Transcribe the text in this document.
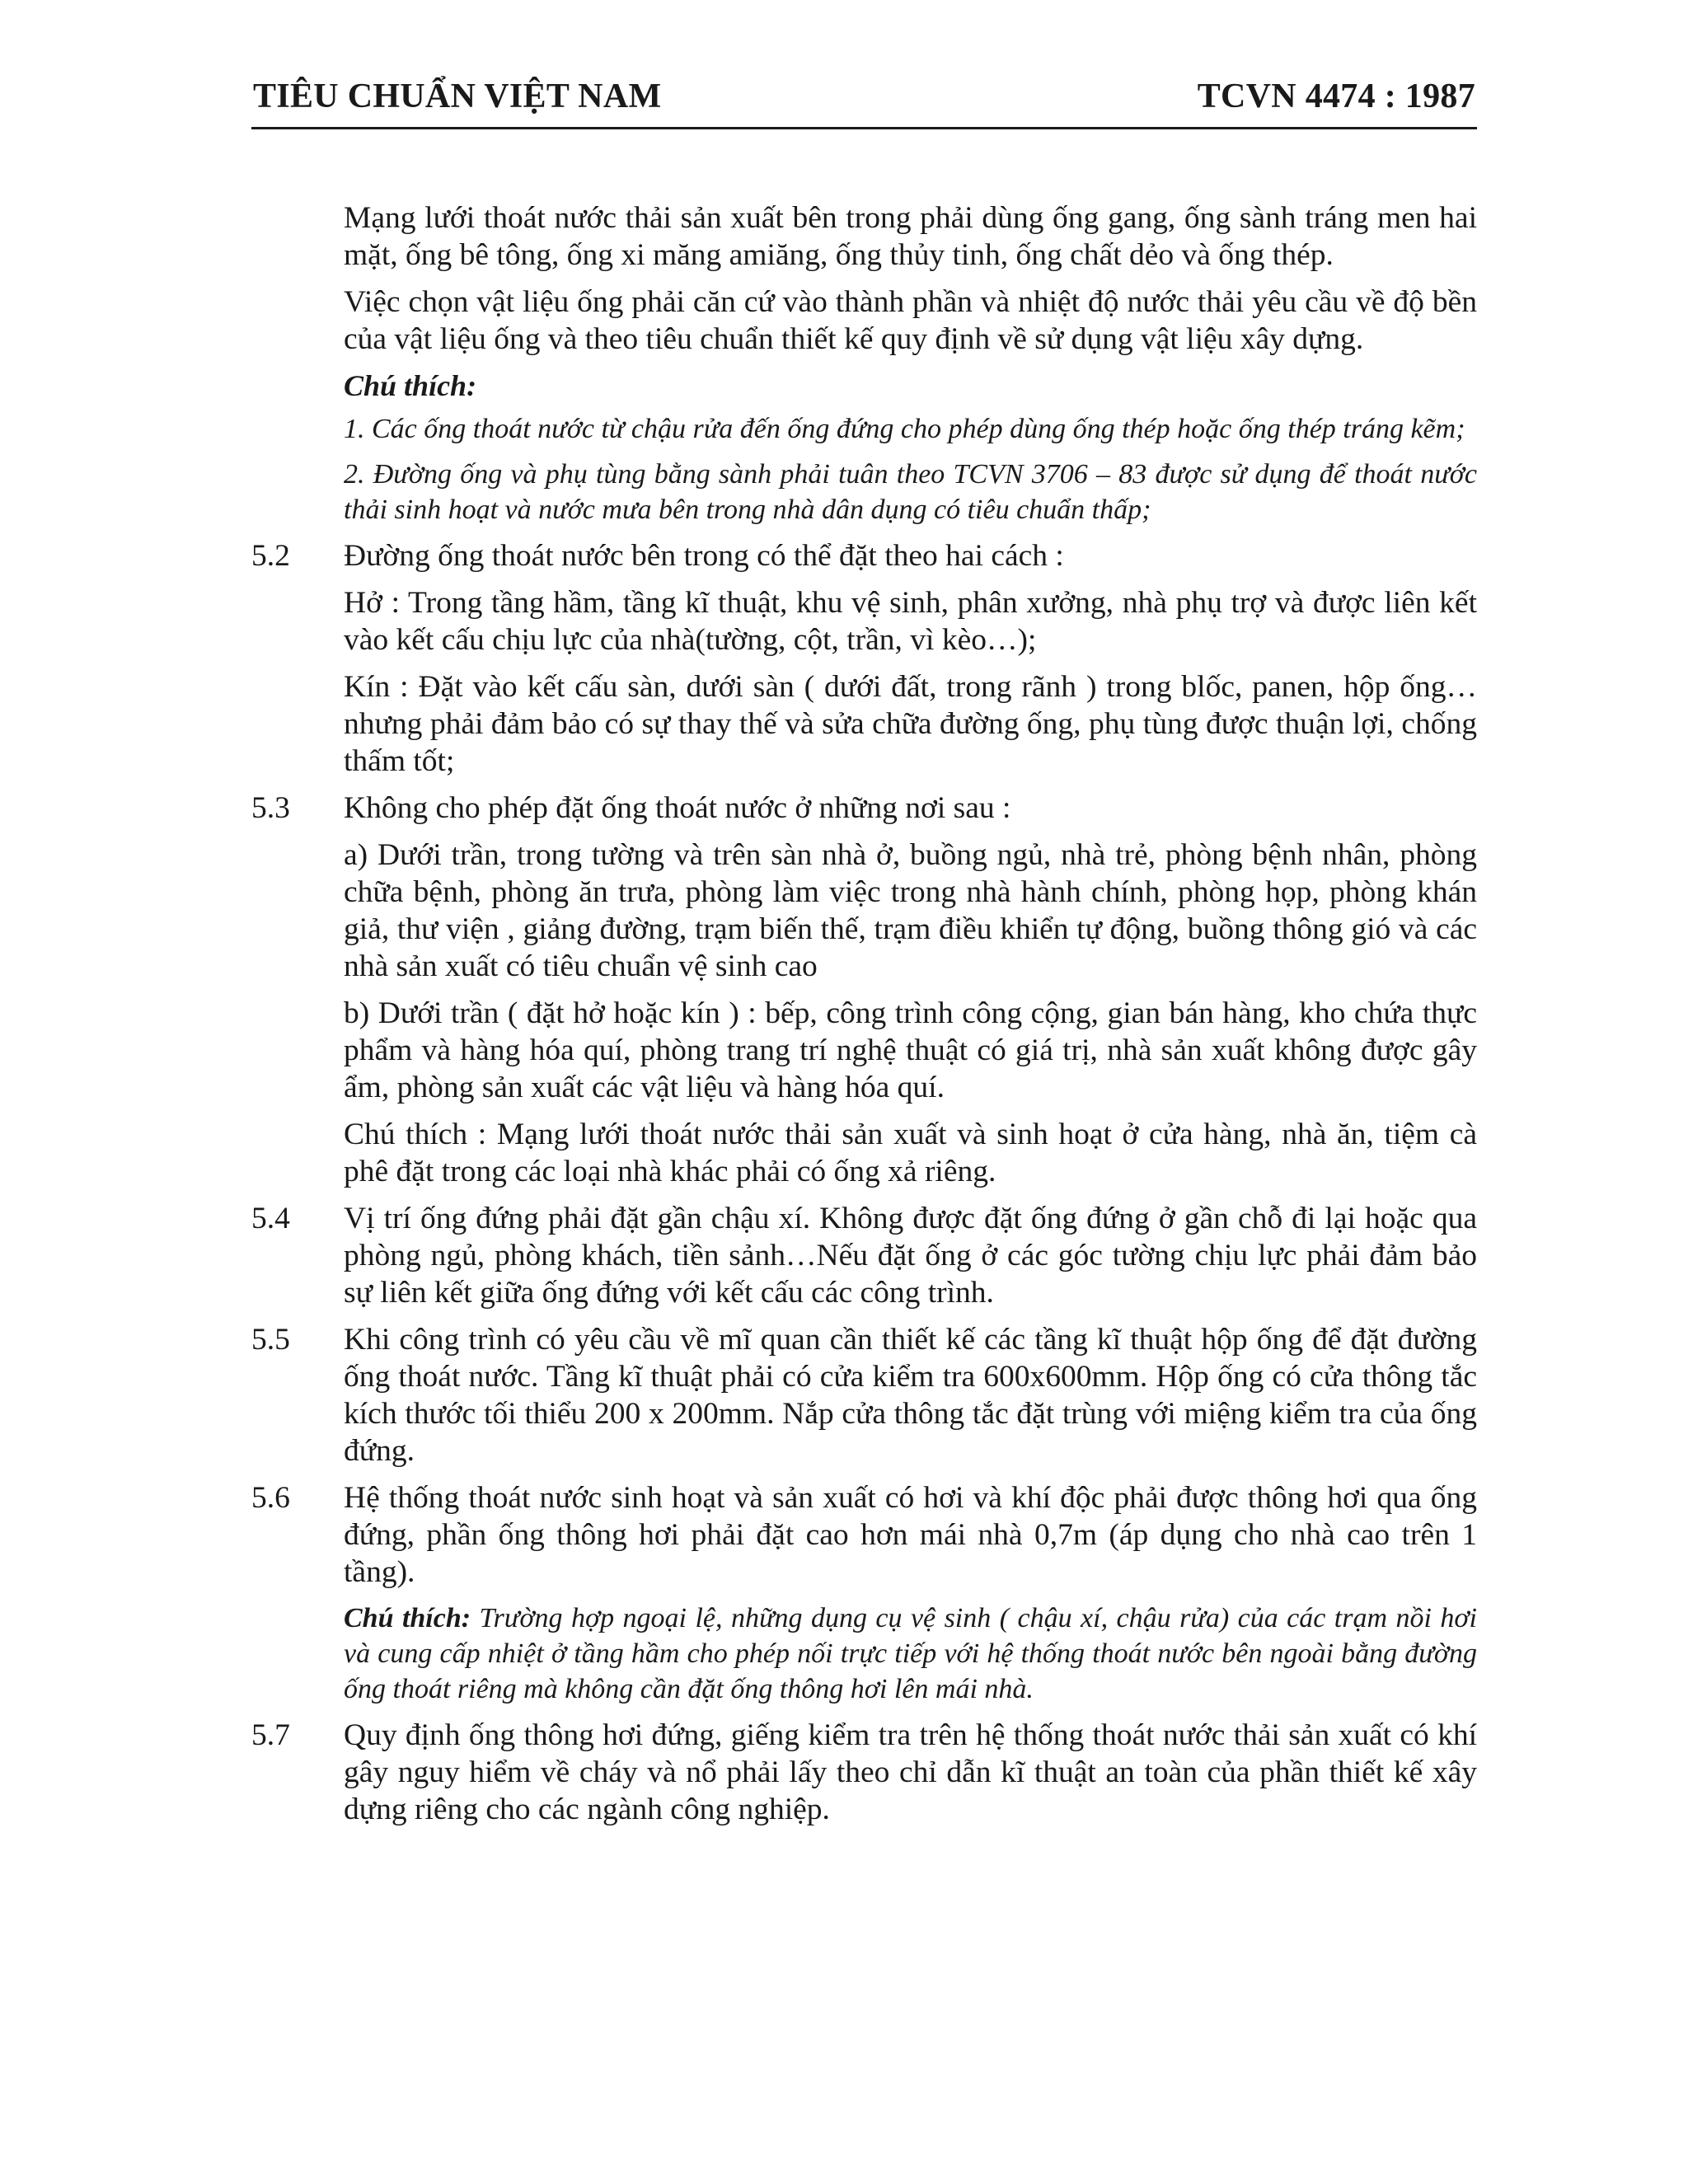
TIÊU CHUẨN VIỆT NAM	TCVN 4474 : 1987

Mạng lưới thoát nước thải sản xuất bên trong phải dùng ống gang, ống sành tráng men hai mặt, ống bê tông, ống xi măng amiăng, ống thủy tinh, ống chất dẻo và ống thép.

Việc chọn vật liệu ống phải căn cứ vào thành phần và nhiệt độ nước thải yêu cầu về độ bền của vật liệu ống và theo tiêu chuẩn thiết kế quy định về sử dụng vật liệu xây dựng.

Chú thích:
1. Các ống thoát nước từ chậu rửa đến ống đứng cho phép dùng ống thép hoặc ống thép tráng kẽm;
2. Đường ống và phụ tùng bằng sành phải tuân theo TCVN 3706 – 83 được sử dụng để thoát nước thải sinh hoạt và nước mưa bên trong nhà dân dụng có tiêu chuẩn thấp;
5.2 Đường ống thoát nước bên trong có thể đặt theo hai cách :

Hở : Trong tầng hầm, tầng kĩ thuật, khu vệ sinh, phân xưởng, nhà phụ trợ và được liên kết vào kết cấu chịu lực của nhà(tường, cột, trần, vì kèo…);

Kín : Đặt vào kết cấu sàn, dưới sàn ( dưới đất, trong rãnh ) trong blốc, panen, hộp ống…nhưng phải đảm bảo có sự thay thế và sửa chữa đường ống, phụ tùng được thuận lợi, chống thấm tốt;

5.3 Không cho phép đặt ống thoát nước ở những nơi sau :

a) Dưới trần, trong tường và trên sàn nhà ở, buồng ngủ, nhà trẻ, phòng bệnh nhân, phòng chữa bệnh, phòng ăn trưa, phòng làm việc trong nhà hành chính, phòng họp, phòng khán giả, thư viện , giảng đường, trạm biến thế, trạm điều khiển tự động, buồng thông gió và các nhà sản xuất có tiêu chuẩn vệ sinh cao

b) Dưới trần ( đặt hở hoặc kín ) : bếp, công trình công cộng, gian bán hàng, kho chứa thực phẩm và hàng hóa quí, phòng trang trí nghệ thuật có giá trị, nhà sản xuất không được gây ẩm, phòng sản xuất các vật liệu và hàng hóa quí.

Chú thích : Mạng lưới thoát nước thải sản xuất và sinh hoạt ở cửa hàng, nhà ăn, tiệm cà phê đặt trong các loại nhà khác phải có ống xả riêng.

5.4 Vị trí ống đứng phải đặt gần chậu xí. Không được đặt ống đứng ở gần chỗ đi lại hoặc qua phòng ngủ, phòng khách, tiền sảnh…Nếu đặt ống ở các góc tường chịu lực phải đảm bảo sự liên kết giữa ống đứng với kết cấu các công trình.

5.5 Khi công trình có yêu cầu về mĩ quan cần thiết kế các tầng kĩ thuật hộp ống để đặt đường ống thoát nước. Tầng kĩ thuật phải có cửa kiểm tra 600x600mm. Hộp ống có cửa thông tắc kích thước tối thiểu 200 x 200mm. Nắp cửa thông tắc đặt trùng với miệng kiểm tra của ống đứng.

5.6 Hệ thống thoát nước sinh hoạt và sản xuất có hơi và khí độc phải được thông hơi qua ống đứng, phần ống thông hơi phải đặt cao hơn mái nhà 0,7m (áp dụng cho nhà cao trên 1 tầng).

Chú thích: Trường hợp ngoại lệ, những dụng cụ vệ sinh ( chậu xí, chậu rửa) của các trạm nồi hơi và cung cấp nhiệt ở tầng hầm cho phép nối trực tiếp với hệ thống thoát nước bên ngoài bằng đường ống thoát riêng mà không cần đặt ống thông hơi lên mái nhà.
5.7 Quy định ống thông hơi đứng, giếng kiểm tra trên hệ thống thoát nước thải sản xuất có khí gây nguy hiểm về cháy và nổ phải lấy theo chỉ dẫn kĩ thuật an toàn của phần thiết kế xây dựng riêng cho các ngành công nghiệp.
